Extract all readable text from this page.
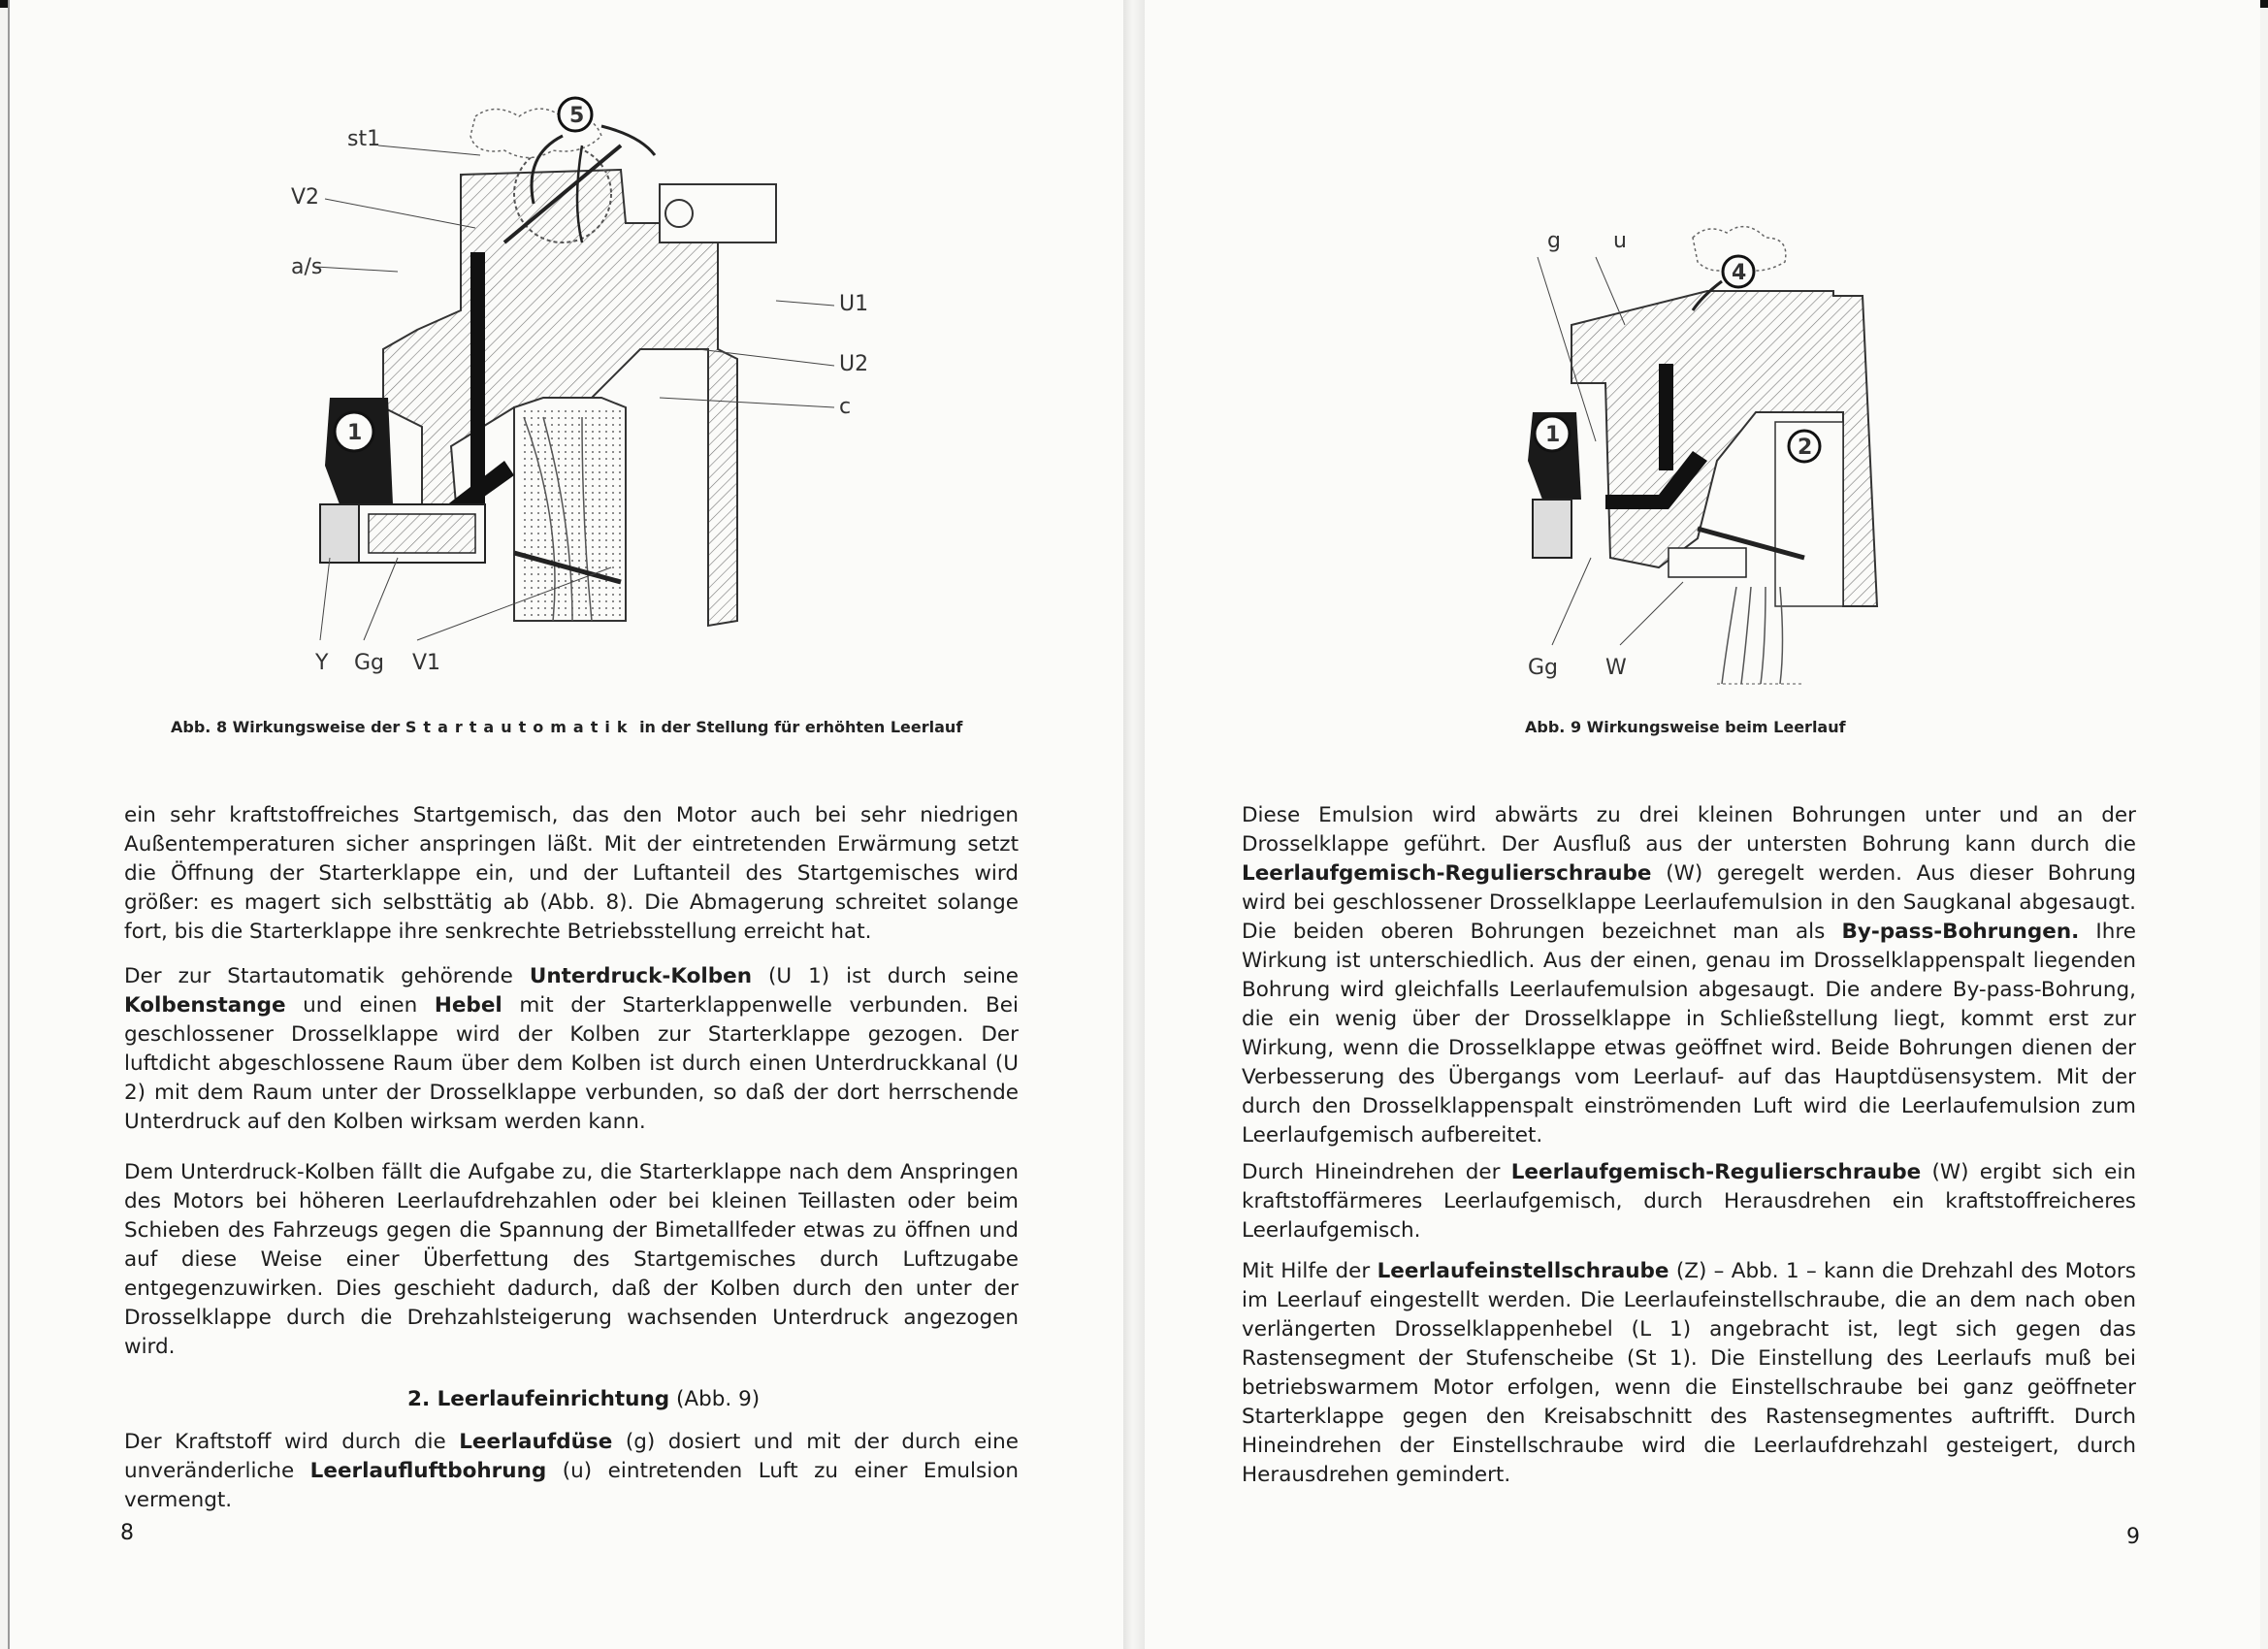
1
5
st1
V2
a/s
U1
U2
c
Y Gg V1
Abb. 8 Wirkungsweise der Startautomatik in der Stellung für erhöhten Leerlauf

ein sehr kraftstoffreiches Startgemisch, das den Motor auch bei sehr niedrigen Außentemperaturen sicher anspringen läßt. Mit der eintretenden Erwärmung setzt die Öffnung der Starterklappe ein, und der Luftanteil des Startgemisches wird größer: es magert sich selbsttätig ab (Abb. 8). Die Abmagerung schreitet solange fort, bis die Starterklappe ihre senkrechte Betriebsstellung erreicht hat.

Der zur Startautomatik gehörende Unterdruck-Kolben (U 1) ist durch seine Kolbenstange und einen Hebel mit der Starterklappenwelle verbunden. Bei geschlossener Drosselklappe wird der Kolben zur Starterklappe gezogen. Der luftdicht abgeschlossene Raum über dem Kolben ist durch einen Unterdruckkanal (U 2) mit dem Raum unter der Drosselklappe verbunden, so daß der dort herrschende Unterdruck auf den Kolben wirksam werden kann.

Dem Unterdruck-Kolben fällt die Aufgabe zu, die Starterklappe nach dem Anspringen des Motors bei höheren Leerlaufdrehzahlen oder bei kleinen Teillasten oder beim Schieben des Fahrzeugs gegen die Spannung der Bimetallfeder etwas zu öffnen und auf diese Weise einer Überfettung des Startgemisches durch Luftzugabe entgegenzuwirken. Dies geschieht dadurch, daß der Kolben durch den unter der Drosselklappe durch die Drehzahlsteigerung wachsenden Unterdruck angezogen wird.

2. Leerlaufeinrichtung (Abb. 9)

Der Kraftstoff wird durch die Leerlaufdüse (g) dosiert und mit der durch eine unveränderliche Leerlaufluftbohrung (u) eintretenden Luft zu einer Emulsion vermengt.

8
1
2
4
g u
Gg W
Abb. 9 Wirkungsweise beim Leerlauf

Diese Emulsion wird abwärts zu drei kleinen Bohrungen unter und an der Drosselklappe geführt. Der Ausfluß aus der untersten Bohrung kann durch die Leerlaufgemisch-Regulierschraube (W) geregelt werden. Aus dieser Bohrung wird bei geschlossener Drosselklappe Leerlaufemulsion in den Saugkanal abgesaugt. Die beiden oberen Bohrungen bezeichnet man als By-pass-Bohrungen. Ihre Wirkung ist unterschiedlich. Aus der einen, genau im Drosselklappenspalt liegenden Bohrung wird gleichfalls Leerlaufemulsion abgesaugt. Die andere By-pass-Bohrung, die ein wenig über der Drosselklappe in Schließstellung liegt, kommt erst zur Wirkung, wenn die Drosselklappe etwas geöffnet wird. Beide Bohrungen dienen der Verbesserung des Übergangs vom Leerlauf- auf das Hauptdüsensystem. Mit der durch den Drosselklappenspalt einströmenden Luft wird die Leerlaufemulsion zum Leerlaufgemisch aufbereitet.

Durch Hineindrehen der Leerlaufgemisch-Regulierschraube (W) ergibt sich ein kraftstoffärmeres Leerlaufgemisch, durch Herausdrehen ein kraftstoffreicheres Leerlaufgemisch.

Mit Hilfe der Leerlaufeinstellschraube (Z) – Abb. 1 – kann die Drehzahl des Motors im Leerlauf eingestellt werden. Die Leerlaufeinstellschraube, die an dem nach oben verlängerten Drosselklappenhebel (L 1) angebracht ist, legt sich gegen das Rastensegment der Stufenscheibe (St 1). Die Einstellung des Leerlaufs muß bei betriebswarmem Motor erfolgen, wenn die Einstellschraube bei ganz geöffneter Starterklappe gegen den Kreisabschnitt des Rastensegmentes auftrifft. Durch Hineindrehen der Einstellschraube wird die Leerlaufdrehzahl gesteigert, durch Herausdrehen gemindert.

9
